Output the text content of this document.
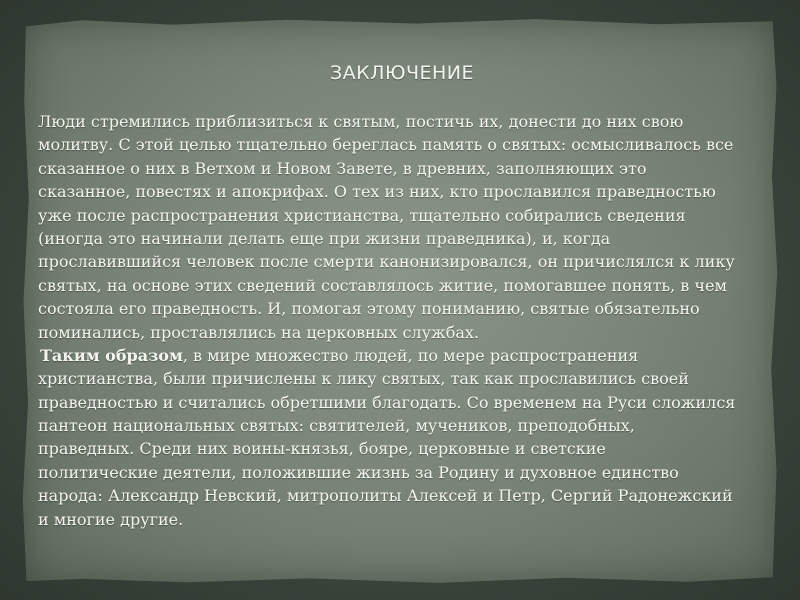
ЗАКЛЮЧЕНИЕ
Люди стремились приблизиться к святым, постичь их, донести до них свою
молитву. С этой целью тщательно береглась память о святых: осмысливалось все
сказанное о них в Ветхом и Новом Завете, в древних, заполняющих это
сказанное, повестях и апокрифах. О тех из них, кто прославился праведностью
уже после распространения христианства, тщательно собирались сведения
(иногда это начинали делать еще при жизни праведника), и, когда
прославившийся человек после смерти канонизировался, он причислялся к лику
святых, на основе этих сведений составлялось житие, помогавшее понять, в чем
состояла его праведность. И, помогая этому пониманию, святые обязательно
поминались, проставлялись на церковных службах.
Таким образом, в мире множество людей, по мере распространения
христианства, были причислены к лику святых, так как прославились своей
праведностью и считались обретшими благодать. Со временем на Руси сложился
пантеон национальных святых: святителей, мучеников, преподобных,
праведных. Среди них воины-князья, бояре, церковные и светские
политические деятели, положившие жизнь за Родину и духовное единство
народа: Александр Невский, митрополиты Алексей и Петр, Сергий Радонежский
и многие другие.
